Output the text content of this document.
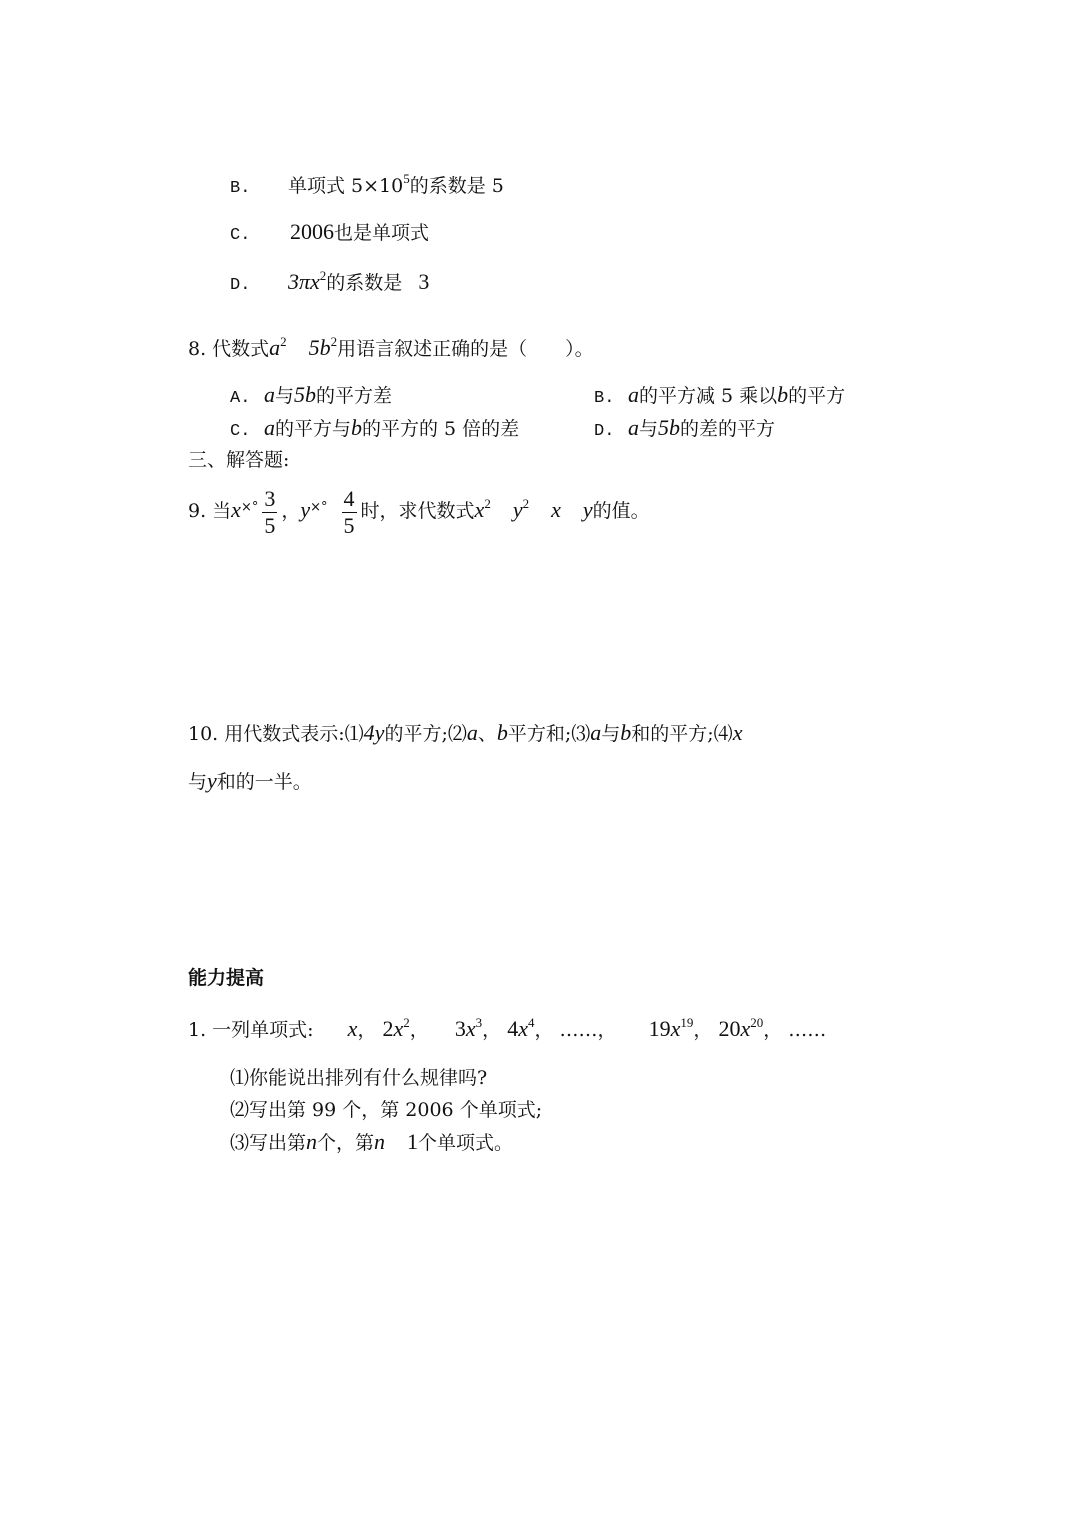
B. 单项式 $5\times 10^5$的系数是 5
C. 2006也是单项式
D. $3\pi x^2$的系数是 3
8. 代数式$a^2$ $5b^2$用语言叙述正确的是（　　）。
A. a与5b的平方差	B. a的平方减 5 乘以b的平方
C. a的平方与b的平方的 5 倍的差	D. a与5b的差的平方
三、解答题:
9. 当$x^{\times^\circ} \frac{3}{5}$ ，$y^{\times^\circ} \frac{4}{5}$ 时，求代数式$x^2$ $y^2$ x y的值。
10. 用代数式表示:⑴4y的平方;⑵a、b平方和;⑶a与b和的平方;⑷x
与y和的一半。
能力提高
1. 一列单项式: x， $2x^2$， $3x^3$， $4x^4$， ……， $19x^{19}$， $20x^{20}$， ……
⑴你能说出排列有什么规律吗?
⑵写出第 99 个，第 2006 个单项式;
⑶写出第n个，第n 1个单项式。
